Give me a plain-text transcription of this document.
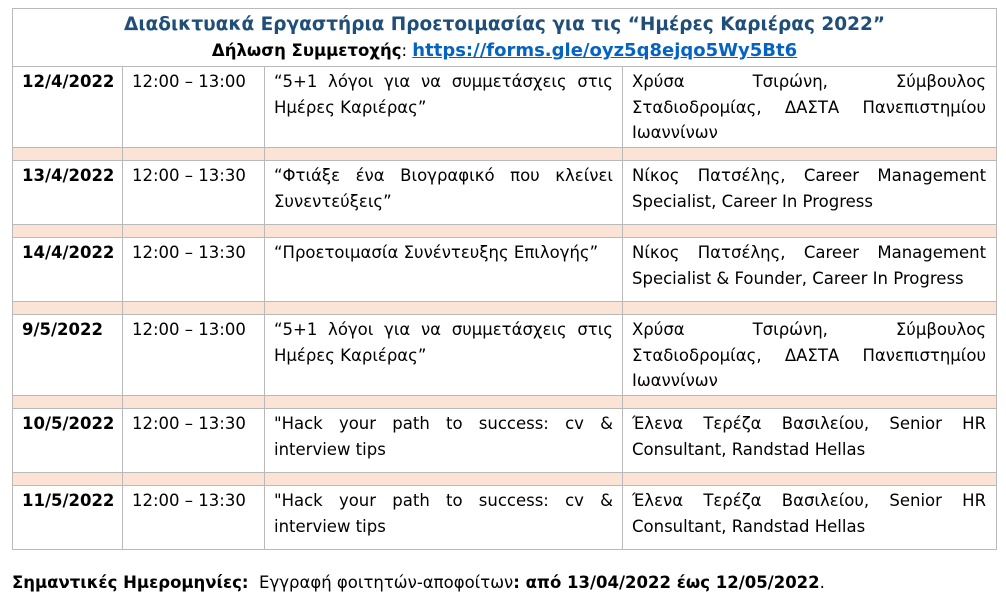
Διαδικτυακά Εργαστήρια Προετοιμασίας για τις “Ημέρες Καριέρας 2022”
Δήλωση Συμμετοχής: https://forms.gle/oyz5q8ejqo5Wy5Bt6			

12/4/2022	12:00 – 13:00	“5+1 λόγοι για να συμμετάσχεις στις Ημέρες Καριέρας”	Χρύσα Τσιρώνη, Σύμβουλος Σταδιοδρομίας, ΔΑΣΤΑ Πανεπιστημίου Ιωαννίνων

13/4/2022	12:00 – 13:30	“Φτιάξε ένα Βιογραφικό που κλείνει Συνεντεύξεις”	Νίκος Πατσέλης, Career Management Specialist, Career In Progress

14/4/2022	12:00 – 13:30	“Προετοιμασία Συνέντευξης Επιλογής”	Νίκος Πατσέλης, Career Management Specialist & Founder, Career In Progress

9/5/2022	12:00 – 13:00	“5+1 λόγοι για να συμμετάσχεις στις Ημέρες Καριέρας”	Χρύσα Τσιρώνη, Σύμβουλος Σταδιοδρομίας, ΔΑΣΤΑ Πανεπιστημίου Ιωαννίνων

10/5/2022	12:00 – 13:30	"Hack your path to success: cv & interview tips	Έλενα Τερέζα Βασιλείου, Senior HR Consultant, Randstad Hellas

11/5/2022	12:00 – 13:30	"Hack your path to success: cv & interview tips	Έλενα Τερέζα Βασιλείου, Senior HR Consultant, Randstad Hellas
Σημαντικές Ημερομηνίες: Εγγραφή φοιτητών-αποφοίτων: από 13/04/2022 έως 12/05/2022.
